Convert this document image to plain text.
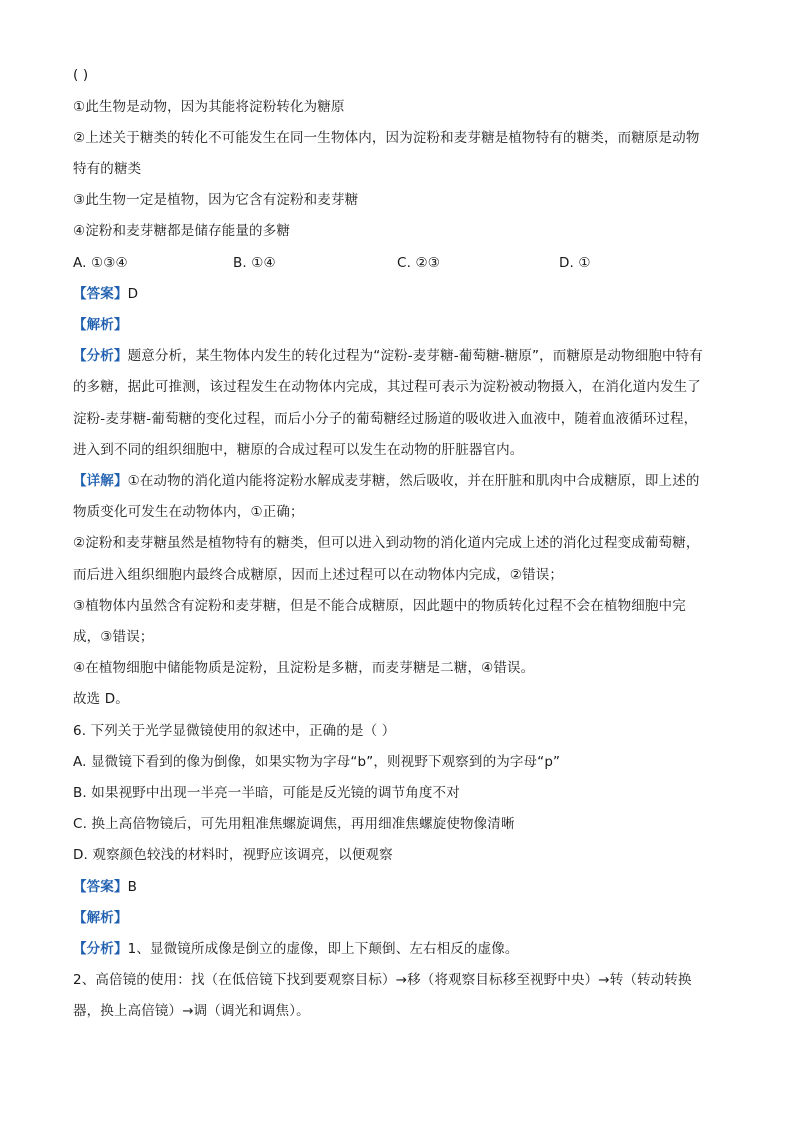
( )
①此生物是动物，因为其能将淀粉转化为糖原
②上述关于糖类的转化不可能发生在同一生物体内，因为淀粉和麦芽糖是植物特有的糖类，而糖原是动物
特有的糖类
③此生物一定是植物，因为它含有淀粉和麦芽糖
④淀粉和麦芽糖都是储存能量的多糖
A. ①③④	B. ①④	C. ②③	D. ①
【答案】D
【解析】
【分析】题意分析，某生物体内发生的转化过程为“淀粉-麦芽糖-葡萄糖-糖原”，而糖原是动物细胞中特有
的多糖，据此可推测，该过程发生在动物体内完成，其过程可表示为淀粉被动物摄入，在消化道内发生了
淀粉-麦芽糖-葡萄糖的变化过程，而后小分子的葡萄糖经过肠道的吸收进入血液中，随着血液循环过程，
进入到不同的组织细胞中，糖原的合成过程可以发生在动物的肝脏器官内。
【详解】①在动物的消化道内能将淀粉水解成麦芽糖，然后吸收，并在肝脏和肌肉中合成糖原，即上述的
物质变化可发生在动物体内，①正确；
②淀粉和麦芽糖虽然是植物特有的糖类，但可以进入到动物的消化道内完成上述的消化过程变成葡萄糖，
而后进入组织细胞内最终合成糖原，因而上述过程可以在动物体内完成，②错误；
③植物体内虽然含有淀粉和麦芽糖，但是不能合成糖原，因此题中的物质转化过程不会在植物细胞中完
成，③错误；
④在植物细胞中储能物质是淀粉，且淀粉是多糖，而麦芽糖是二糖，④错误。
故选 D。
6. 下列关于光学显微镜使用的叙述中，正确的是（ ）
A. 显微镜下看到的像为倒像，如果实物为字母“b”，则视野下观察到的为字母“p”
B. 如果视野中出现一半亮一半暗，可能是反光镜的调节角度不对
C. 换上高倍物镜后，可先用粗准焦螺旋调焦，再用细准焦螺旋使物像清晰
D. 观察颜色较浅的材料时，视野应该调亮，以便观察
【答案】B
【解析】
【分析】1、显微镜所成像是倒立的虚像，即上下颠倒、左右相反的虚像。
2、高倍镜的使用：找（在低倍镜下找到要观察目标）→移（将观察目标移至视野中央）→转（转动转换
器，换上高倍镜）→调（调光和调焦）。
